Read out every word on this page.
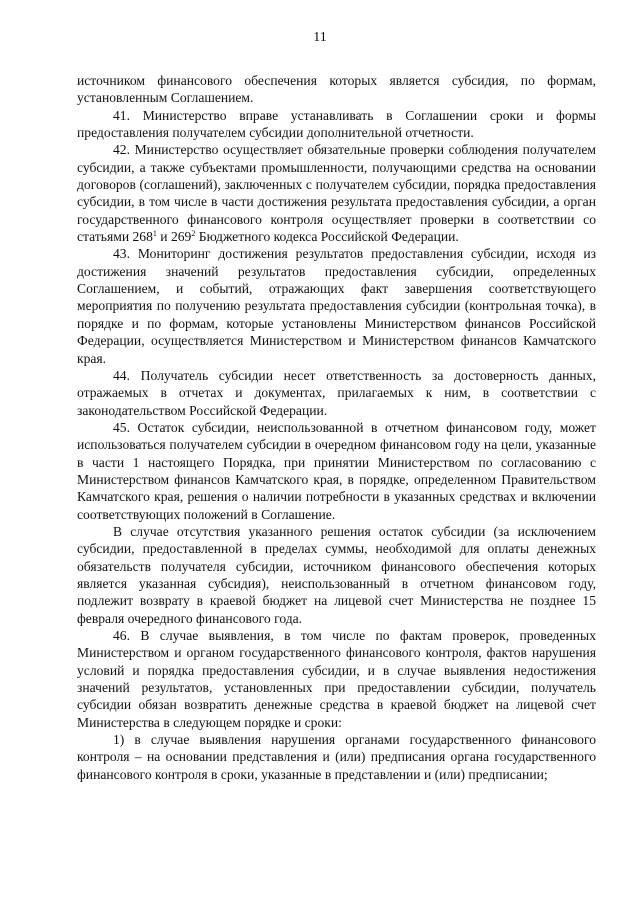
11

источником финансового обеспечения которых является субсидия, по формам, установленным Соглашением.

41. Министерство вправе устанавливать в Соглашении сроки и формы предоставления получателем субсидии дополнительной отчетности.

42. Министерство осуществляет обязательные проверки соблюдения получателем субсидии, а также субъектами промышленности, получающими средства на основании договоров (соглашений), заключенных с получателем субсидии, порядка предоставления субсидии, в том числе в части достижения результата предоставления субсидии, а орган государственного финансового контроля осуществляет проверки в соответствии со статьями $268^1$ и $269^2$ Бюджетного кодекса Российской Федерации.

43. Мониторинг достижения результатов предоставления субсидии, исходя из достижения значений результатов предоставления субсидии, определенных Соглашением, и событий, отражающих факт завершения соответствующего мероприятия по получению результата предоставления субсидии (контрольная точка), в порядке и по формам, которые установлены Министерством финансов Российской Федерации, осуществляется Министерством и Министерством финансов Камчатского края.

44. Получатель субсидии несет ответственность за достоверность данных, отражаемых в отчетах и документах, прилагаемых к ним, в соответствии с законодательством Российской Федерации.

45. Остаток субсидии, неиспользованной в отчетном финансовом году, может использоваться получателем субсидии в очередном финансовом году на цели, указанные в части 1 настоящего Порядка, при принятии Министерством по согласованию с Министерством финансов Камчатского края, в порядке, определенном Правительством Камчатского края, решения о наличии потребности в указанных средствах и включении соответствующих положений в Соглашение.

В случае отсутствия указанного решения остаток субсидии (за исключением субсидии, предоставленной в пределах суммы, необходимой для оплаты денежных обязательств получателя субсидии, источником финансового обеспечения которых является указанная субсидия), неиспользованный в отчетном финансовом году, подлежит возврату в краевой бюджет на лицевой счет Министерства не позднее 15 февраля очередного финансового года.

46. В случае выявления, в том числе по фактам проверок, проведенных Министерством и органом государственного финансового контроля, фактов нарушения условий и порядка предоставления субсидии, и в случае выявления недостижения значений результатов, установленных при предоставлении субсидии, получатель субсидии обязан возвратить денежные средства в краевой бюджет на лицевой счет Министерства в следующем порядке и сроки:

1) в случае выявления нарушения органами государственного финансового контроля – на основании представления и (или) предписания органа государственного финансового контроля в сроки, указанные в представлении и (или) предписании;
